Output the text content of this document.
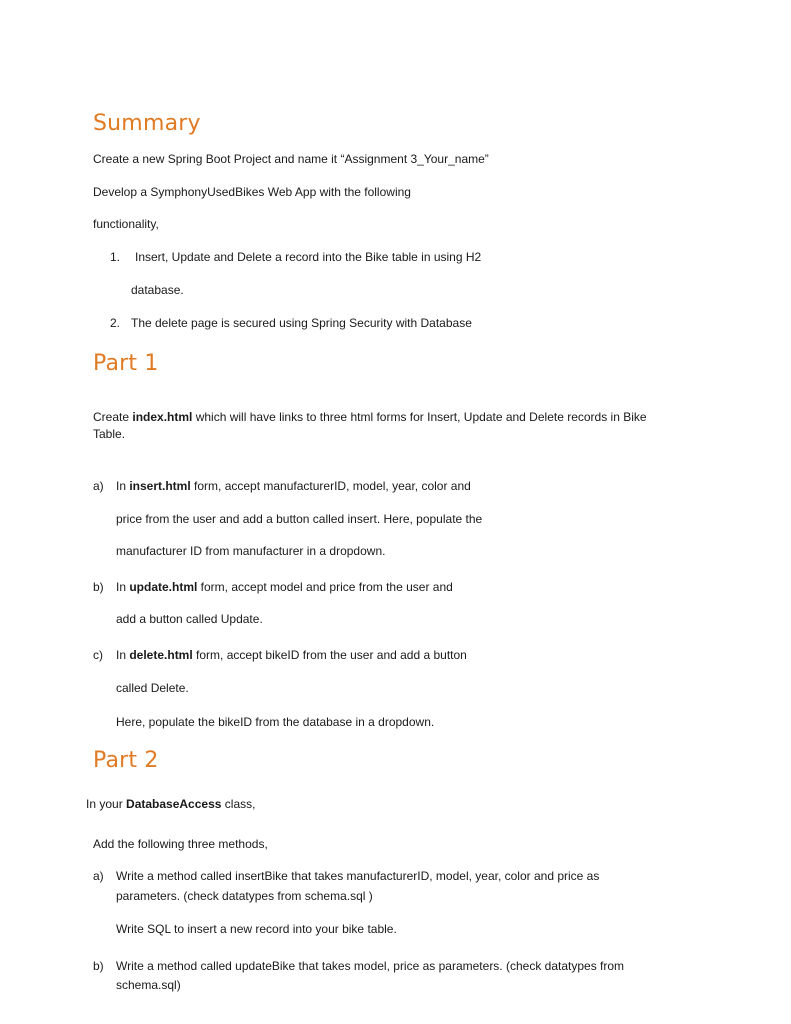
Summary
Create a new Spring Boot Project and name it “Assignment 3_Your_name”
Develop a SymphonyUsedBikes Web App with the following
functionality,
1. Insert, Update and Delete a record into the Bike table in using H2
database.
2. The delete page is secured using Spring Security with Database
Part 1
Create index.html which will have links to three html forms for Insert, Update and Delete records in Bike
Table.
a) In insert.html form, accept manufacturerID, model, year, color and
price from the user and add a button called insert. Here, populate the
manufacturer ID from manufacturer in a dropdown.
b) In update.html form, accept model and price from the user and
add a button called Update.
c) In delete.html form, accept bikeID from the user and add a button
called Delete.
Here, populate the bikeID from the database in a dropdown.
Part 2
In your DatabaseAccess class,
Add the following three methods,
a) Write a method called insertBike that takes manufacturerID, model, year, color and price as
parameters. (check datatypes from schema.sql )
Write SQL to insert a new record into your bike table.
b) Write a method called updateBike that takes model, price as parameters. (check datatypes from
schema.sql)
